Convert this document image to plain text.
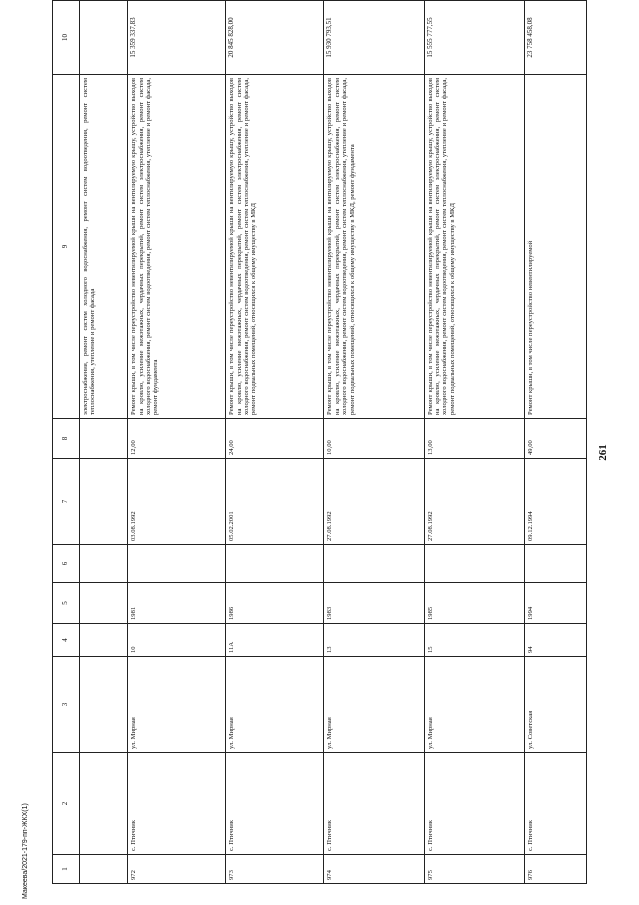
Макеева/2021-179-пп-ЖКХ(1)	1	2	3	4	5	6	7	8	9	10
								электроснабжения, ремонт систем холодного водоснабжения, ремонт систем водоотведения, ремонт систем теплоснабжения, утепление и ремонт фасада	
972	с. Птичник	ул. Мирная	10	1981		03.08.1992	12,00	Ремонт крыши, в том числе переустройство невентилируемой крыши на вентилируемую крышу, устройство выходов на кровлю, усиление межэтажных, чердачных перекрытий, ремонт систем электроснабжения, ремонт систем холодного водоснабжения, ремонт систем водоотведения, ремонт систем теплоснабжения, утепление и ремонт фасада, ремонт фундамента	15 359 337,83
973	с. Птичник	ул. Мирная	11А	1986		05.02.2001	24,00	Ремонт крыши, в том числе переустройство невентилируемой крыши на вентилируемую крышу, устройство выходов на кровлю, усиление межэтажных, чердачных перекрытий, ремонт систем электроснабжения, ремонт систем холодного водоснабжения, ремонт систем водоотведения, ремонт систем теплоснабжения, утепление и ремонт фасада, ремонт подвальных помещений, относящихся к общему имуществу в МКД	20 845 828,00
974	с. Птичник	ул. Мирная	13	1983		27.08.1992	10,00	Ремонт крыши, в том числе переустройство невентилируемой крыши на вентилируемую крышу, устройство выходов на кровлю, усиление межэтажных, чердачных перекрытий, ремонт систем электроснабжения, ремонт систем холодного водоснабжения, ремонт систем водоотведения, ремонт систем теплоснабжения, утепление и ремонт фасада, ремонт подвальных помещений, относящихся к общему имуществу в МКД, ремонт фундамента	15 930 793,51
975	с. Птичник	ул. Мирная	15	1985		27.08.1992	13,00	Ремонт крыши, в том числе переустройство невентилируемой крыши на вентилируемую крышу, устройство выходов на кровлю, усиление межэтажных, чердачных перекрытий, ремонт систем электроснабжения, ремонт систем холодного водоснабжения, ремонт систем водоотведения, ремонт систем теплоснабжения, утепление и ремонт фасада, ремонт подвальных помещений, относящихся к общему имуществу в МКД	15 555 777,55
976	с. Птичник	ул. Советская	94	1994		09.12.1994	49,00	Ремонт крыши, в том числе переустройство невентилируемой	23 758 458,08
261
